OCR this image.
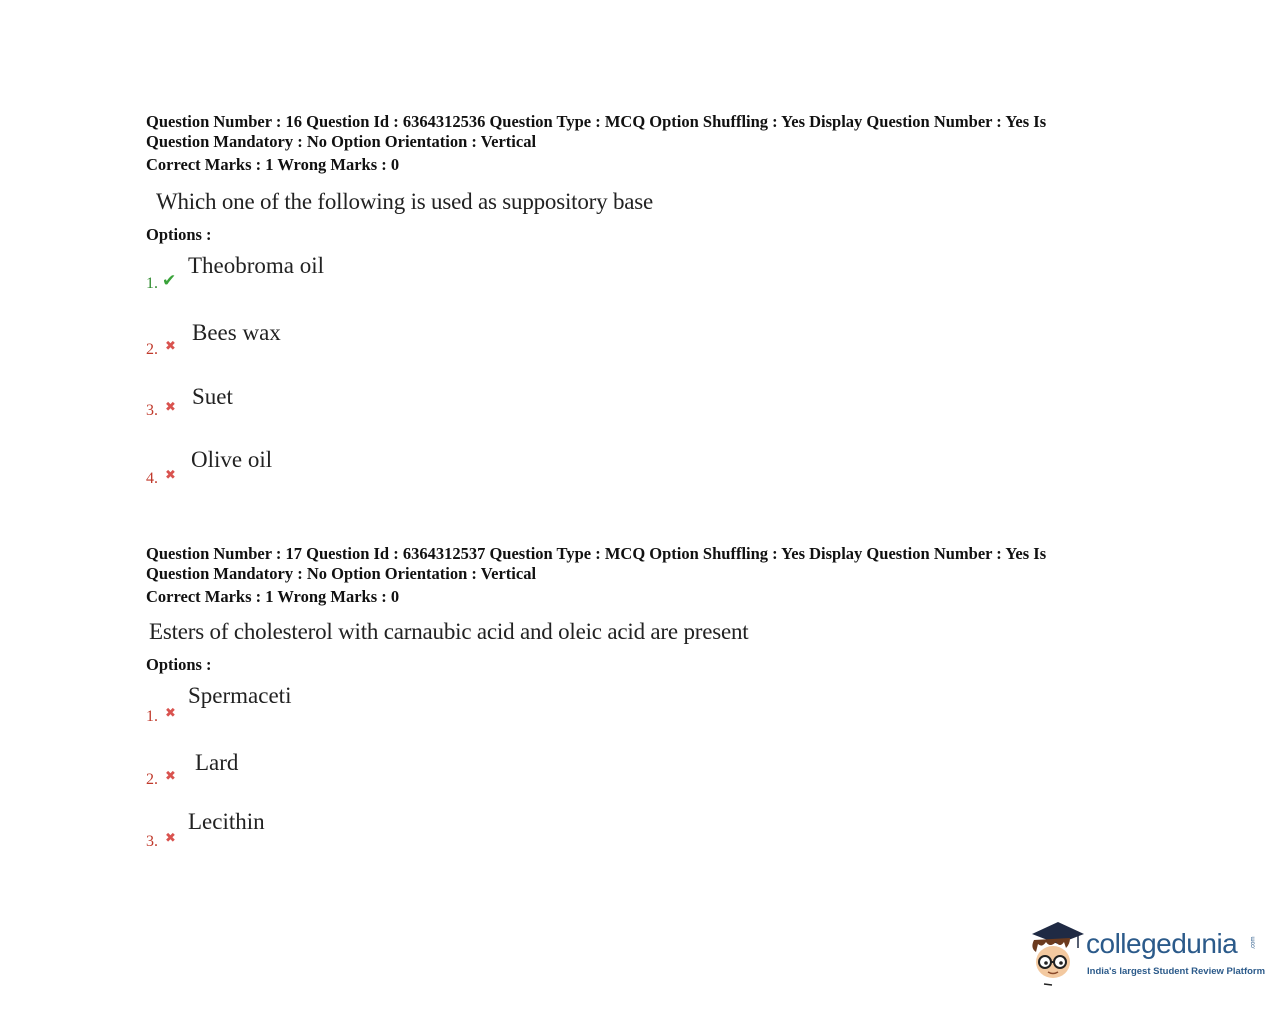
Question Number : 16 Question Id : 6364312536 Question Type : MCQ Option Shuffling : Yes Display Question Number : Yes Is
Question Mandatory : No Option Orientation : Vertical

Correct Marks : 1 Wrong Marks : 0
Which one of the following is used as suppository base
Options :
1. ✔
Theobroma oil
2. ✖
Bees wax
3. ✖ Suet
4. ✖
Olive oil

Question Number : 17 Question Id : 6364312537 Question Type : MCQ Option Shuffling : Yes Display Question Number : Yes Is
Question Mandatory : No Option Orientation : Vertical

Correct Marks : 1 Wrong Marks : 0
Esters of cholesterol with carnaubic acid and oleic acid are present
Options :
1. ✖
Spermaceti
2. ✖
Lard
3. ✖
Lecithin
collegedunia .com
India's largest Student Review Platform
